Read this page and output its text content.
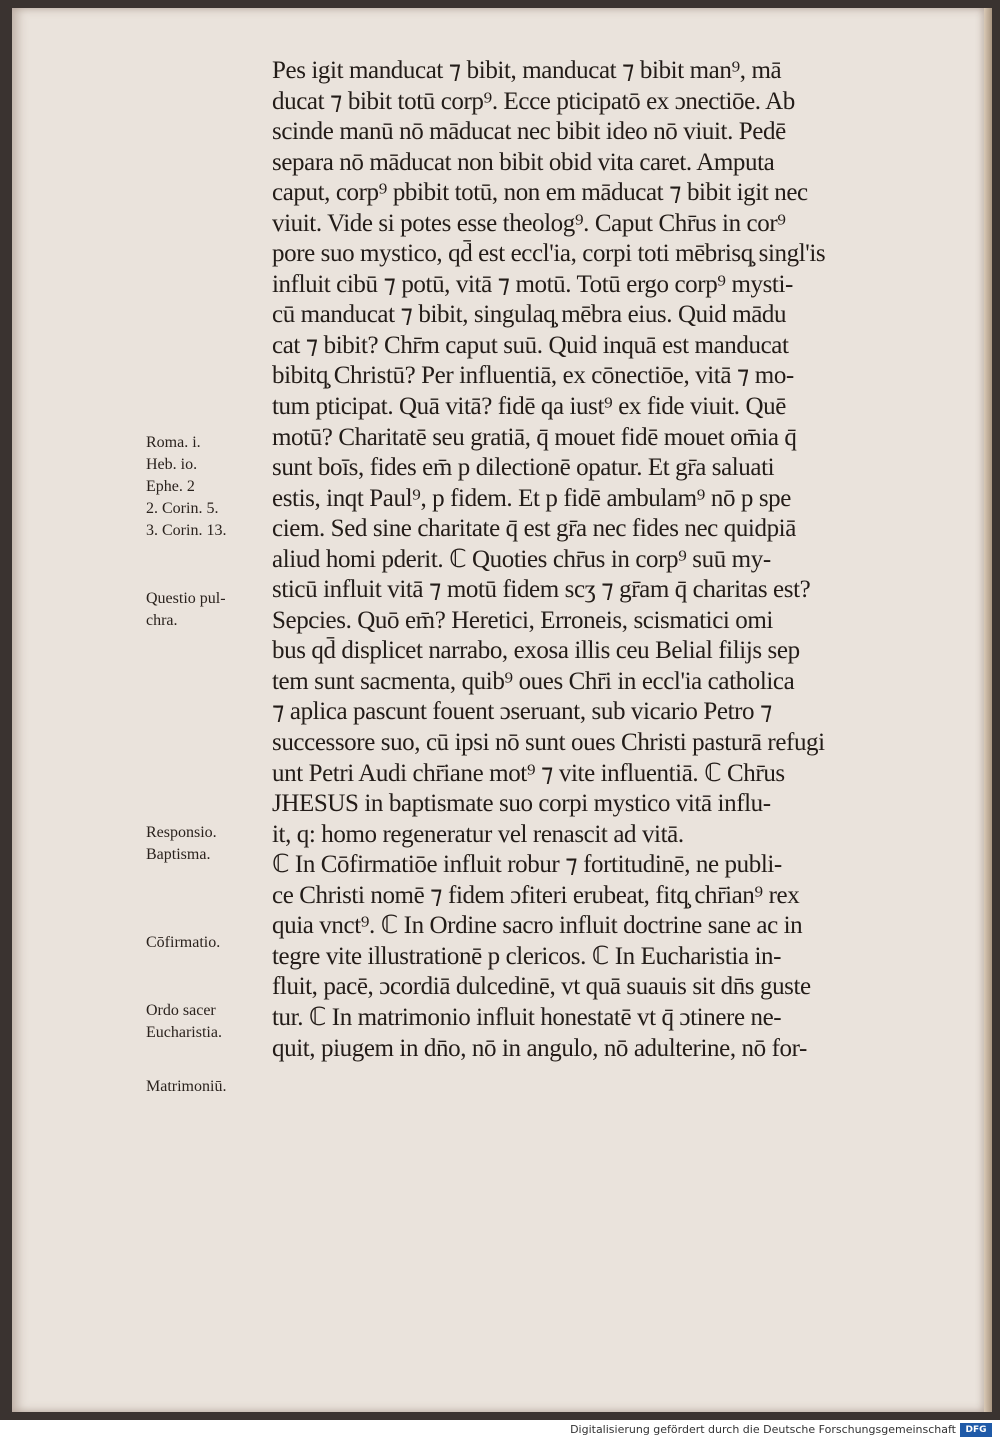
Pes igit manducat ⁊ bibit, manducat ⁊ bibit man⁹, mā
ducat ⁊ bibit totū corp⁹. Ecce pticipatō ex ɔnectiōe. Ab
scinde manū nō māducat nec bibit ideo nō viuit. Pedē
separa nō māducat non bibit obid vita caret. Amputa
caput, corp⁹ pbibit totū, non em māducat ⁊ bibit igit nec
viuit. Vide si potes esse theolog⁹. Caput Chr̄us in cor⁹
pore suo mystico, qd̄ est eccl'ia, corpi toti mēbrisq̧ singl'is
influit cibū ⁊ potū, vitā ⁊ motū. Totū ergo corp⁹ mysti-
cū manducat ⁊ bibit, singulaq̧ mēbra eius. Quid mādu
cat ⁊ bibit? Chr̄m caput suū. Quid inquā est manducat
bibitq̧ Christū? Per influentiā, ex cōnectiōe, vitā ⁊ mo-
tum pticipat. Quā vitā? fidē qa iust⁹ ex fide viuit. Quē
motū? Charitatē seu gratiā, q̄ mouet fidē mouet om̄ia q̄
sunt boīs, fides em̄ p dilectionē opatur. Et gr̄a saluati
estis, inqt Paul⁹, p fidem. Et p fidē ambulam⁹ nō p spe
ciem. Sed sine charitate q̄ est gr̄a nec fides nec quidpiā
aliud homi pderit. ℂ Quoties chr̄us in corp⁹ suū my-
sticū influit vitā ⁊ motū fidem scʒ ⁊ gr̄am q̄ charitas est?
Sepcies. Quō em̄? Heretici, Erroneis, scismatici omi
bus qd̄ displicet narrabo, exosa illis ceu Belial filijs sep
tem sunt sacmenta, quib⁹ oues Chr̄i in eccl'ia catholica
⁊ aplica pascunt fouent ɔseruant, sub vicario Petro ⁊
successore suo, cū ipsi nō sunt oues Christi pasturā refugi
unt Petri Audi chr̄iane mot⁹ ⁊ vite influentiā. ℂ Chr̄us
JHESUS in baptismate suo corpi mystico vitā influ-
it, q: homo regeneratur vel renascit ad vitā.
ℂ In Cōfirmatiōe influit robur ⁊ fortitudinē, ne publi-
ce Christi nomē ⁊ fidem ɔfiteri erubeat, fitq̧ chr̄ian⁹ rex
quia vnct⁹. ℂ In Ordine sacro influit doctrine sane ac in
tegre vite illustrationē p clericos. ℂ In Eucharistia in-
fluit, pacē, ɔcordiā dulcedinē, vt quā suauis sit dn̄s guste
tur. ℂ In matrimonio influit honestatē vt q̄ ɔtinere ne-
quit, piugem in dn̄o, nō in angulo, nō adulterine, nō for-
Roma. i.
Heb. io.
Ephe. 2
2. Corin. 5.
3. Corin. 13.
Questio pul-
chra.
Responsio.
Baptisma.
Cōfirmatio.
Ordo sacer
Eucharistia.
Matrimoniū.
Digitalisierung gefördert durch die Deutsche Forschungsgemeinschaft	DFG
